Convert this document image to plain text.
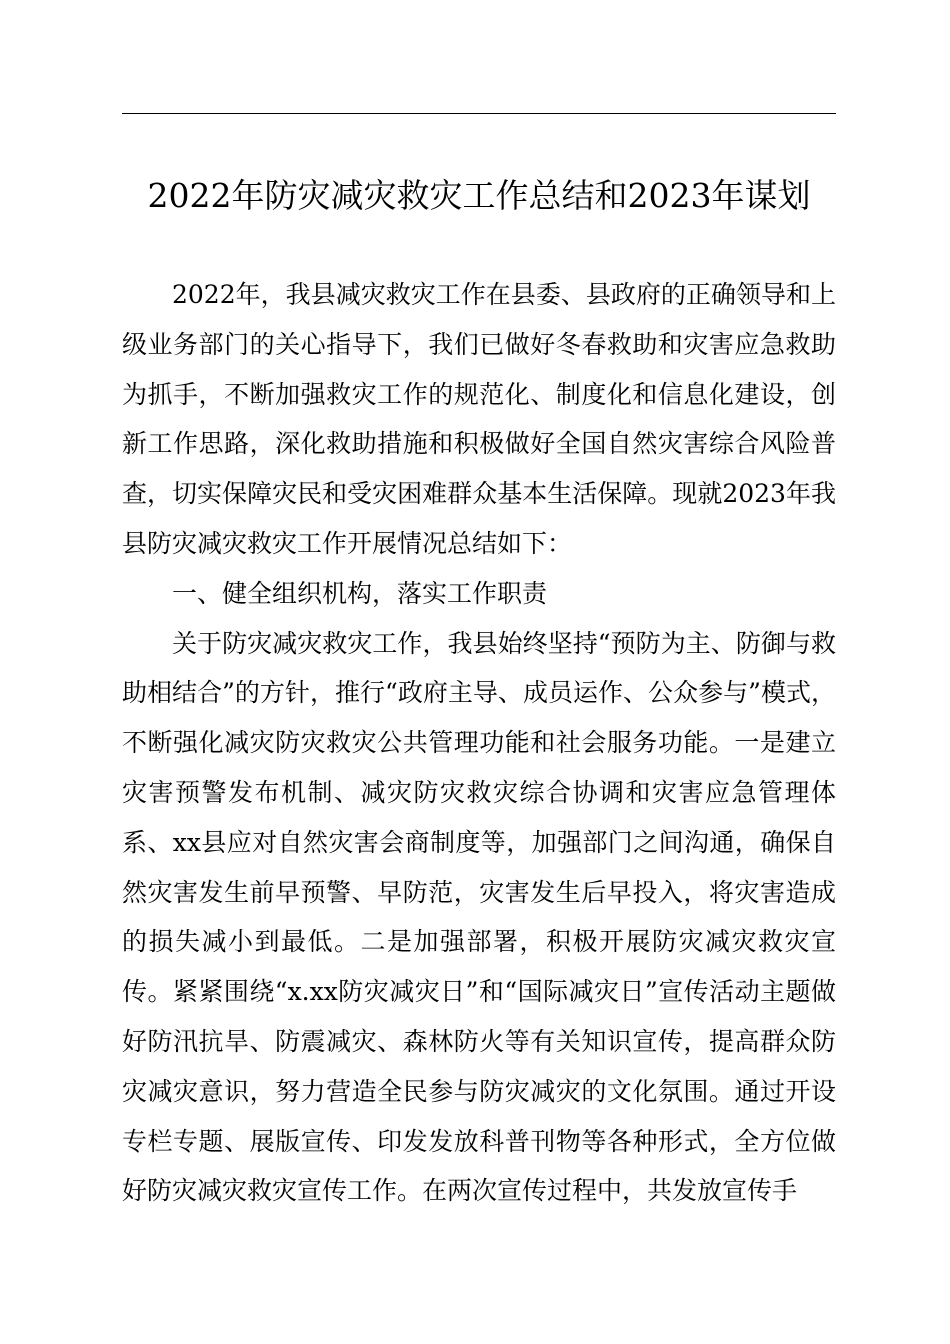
2022年防灾减灾救灾工作总结和2023年谋划

2022年，我县减灾救灾工作在县委、县政府的正确领导和上级业务部门的关心指导下，我们已做好冬春救助和灾害应急救助为抓手，不断加强救灾工作的规范化、制度化和信息化建设，创新工作思路，深化救助措施和积极做好全国自然灾害综合风险普查，切实保障灾民和受灾困难群众基本生活保障。现就2023年我县防灾减灾救灾工作开展情况总结如下：

一、健全组织机构，落实工作职责

关于防灾减灾救灾工作，我县始终坚持“预防为主、防御与救助相结合”的方针，推行“政府主导、成员运作、公众参与”模式，不断强化减灾防灾救灾公共管理功能和社会服务功能。一是建立灾害预警发布机制、减灾防灾救灾综合协调和灾害应急管理体系、xx县应对自然灾害会商制度等，加强部门之间沟通，确保自然灾害发生前早预警、早防范，灾害发生后早投入，将灾害造成的损失减小到最低。二是加强部署，积极开展防灾减灾救灾宣传。紧紧围绕“x.xx防灾减灾日”和“国际减灾日”宣传活动主题做好防汛抗旱、防震减灾、森林防火等有关知识宣传，提高群众防灾减灾意识，努力营造全民参与防灾减灾的文化氛围。通过开设专栏专题、展版宣传、印发发放科普刊物等各种形式，全方位做好防灾减灾救灾宣传工作。在两次宣传过程中，共发放宣传手
